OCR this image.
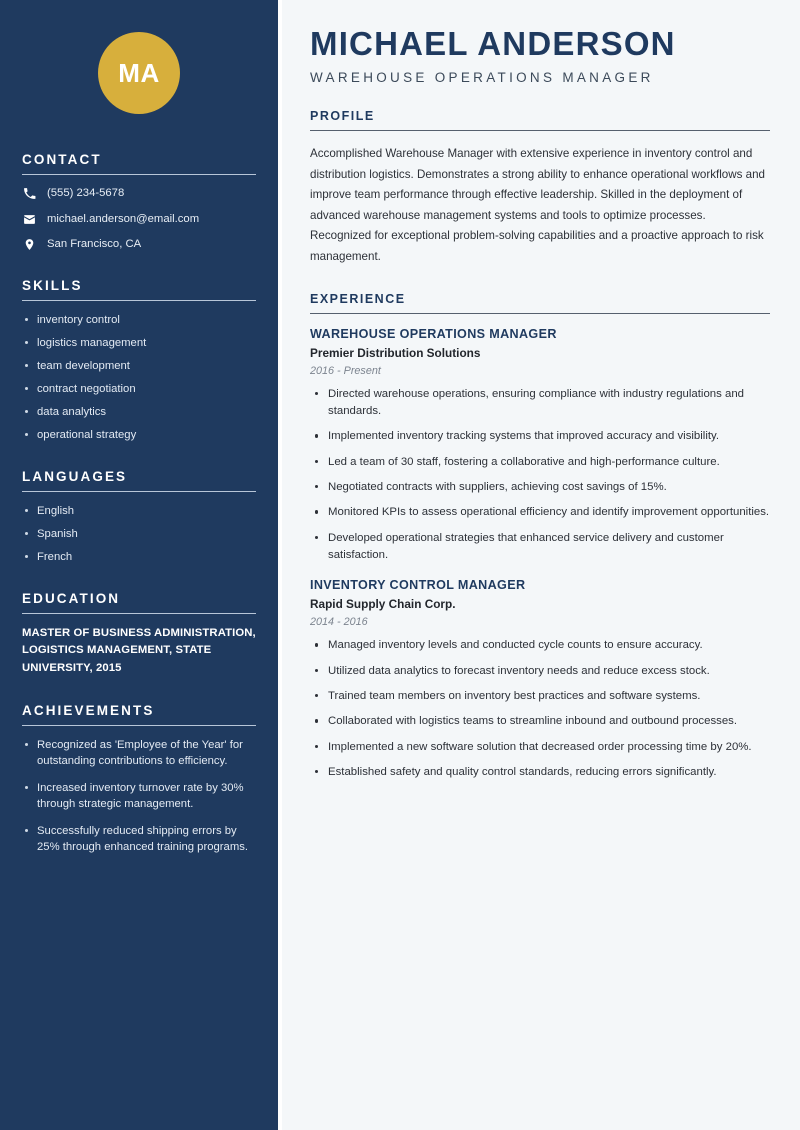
MA
CONTACT
(555) 234-5678
michael.anderson@email.com
San Francisco, CA
SKILLS
inventory control
logistics management
team development
contract negotiation
data analytics
operational strategy
LANGUAGES
English
Spanish
French
EDUCATION
MASTER OF BUSINESS ADMINISTRATION, LOGISTICS MANAGEMENT, STATE UNIVERSITY, 2015
ACHIEVEMENTS
Recognized as 'Employee of the Year' for outstanding contributions to efficiency.
Increased inventory turnover rate by 30% through strategic management.
Successfully reduced shipping errors by 25% through enhanced training programs.
MICHAEL ANDERSON
WAREHOUSE OPERATIONS MANAGER
PROFILE

Accomplished Warehouse Manager with extensive experience in inventory control and distribution logistics. Demonstrates a strong ability to enhance operational workflows and improve team performance through effective leadership. Skilled in the deployment of advanced warehouse management systems and tools to optimize processes. Recognized for exceptional problem-solving capabilities and a proactive approach to risk management.

EXPERIENCE
WAREHOUSE OPERATIONS MANAGER
Premier Distribution Solutions
2016 - Present
Directed warehouse operations, ensuring compliance with industry regulations and standards.
Implemented inventory tracking systems that improved accuracy and visibility.
Led a team of 30 staff, fostering a collaborative and high-performance culture.
Negotiated contracts with suppliers, achieving cost savings of 15%.
Monitored KPIs to assess operational efficiency and identify improvement opportunities.
Developed operational strategies that enhanced service delivery and customer satisfaction.
INVENTORY CONTROL MANAGER
Rapid Supply Chain Corp.
2014 - 2016
Managed inventory levels and conducted cycle counts to ensure accuracy.
Utilized data analytics to forecast inventory needs and reduce excess stock.
Trained team members on inventory best practices and software systems.
Collaborated with logistics teams to streamline inbound and outbound processes.
Implemented a new software solution that decreased order processing time by 20%.
Established safety and quality control standards, reducing errors significantly.
